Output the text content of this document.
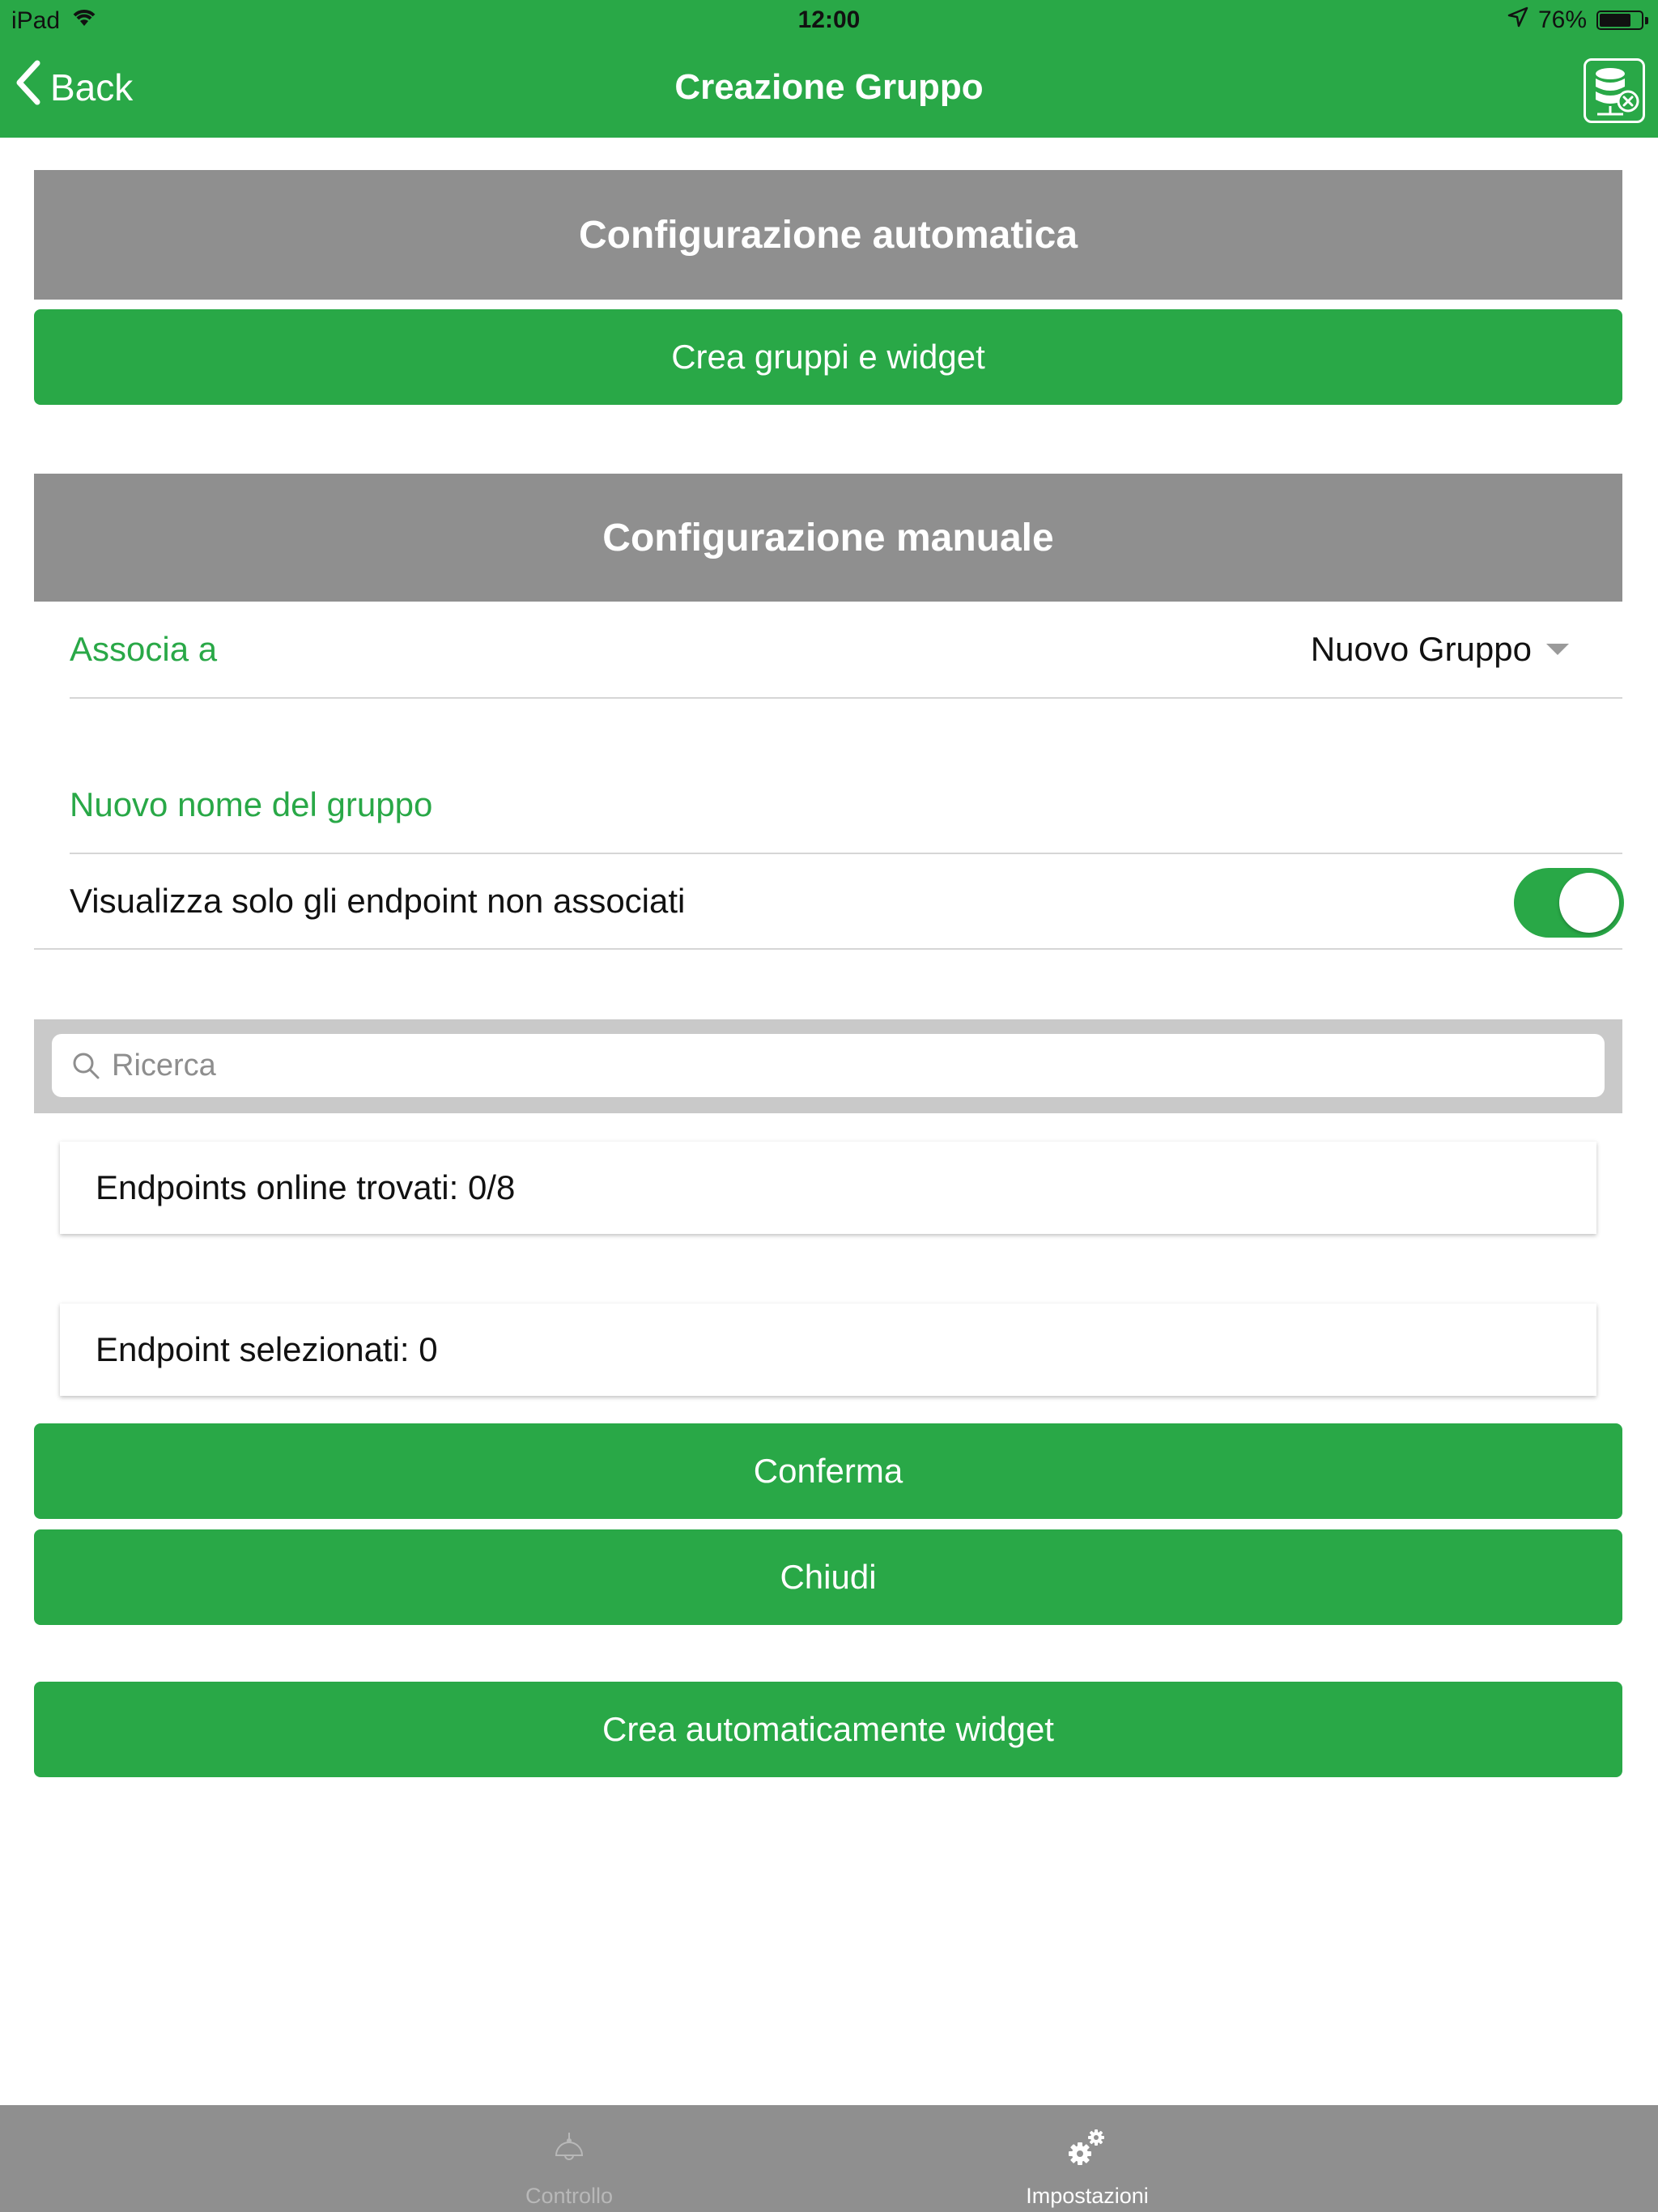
iPad	12:00	76%
Back	Creazione Gruppo
Configurazione automatica
Crea gruppi e widget
Configurazione manuale
Associa a	Nuovo Gruppo
Nuovo nome del gruppo
Visualizza solo gli endpoint non associati
Ricerca
Endpoints online trovati: 0/8
Endpoint selezionati: 0
Conferma
Chiudi
Crea automaticamente widget
Controllo	Impostazioni
